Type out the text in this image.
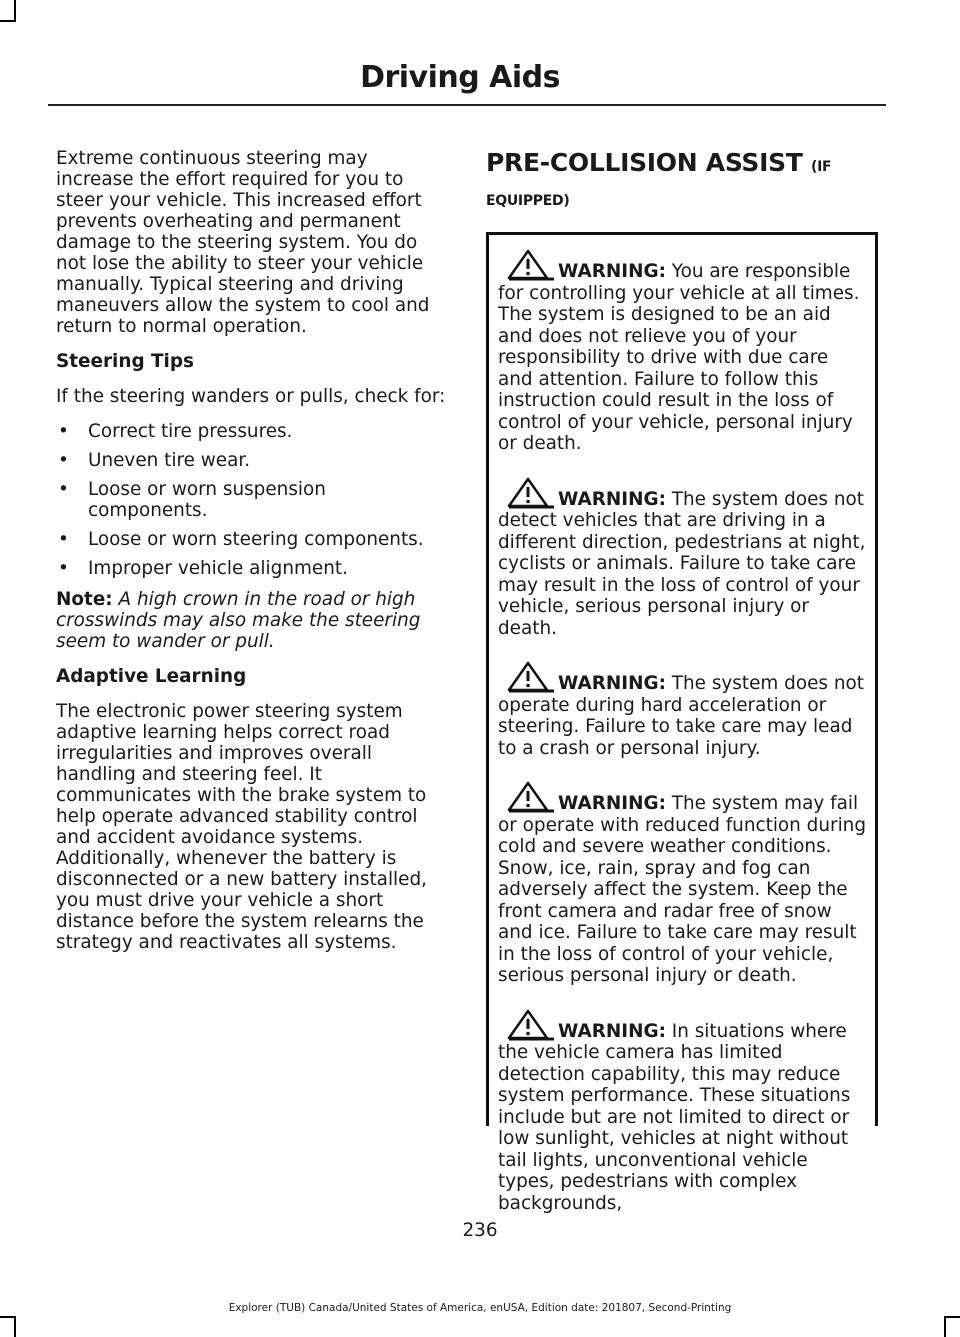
Driving Aids

Extreme continuous steering may increase the effort required for you to steer your vehicle. This increased effort prevents overheating and permanent damage to the steering system. You do not lose the ability to steer your vehicle manually. Typical steering and driving maneuvers allow the system to cool and return to normal operation.

Steering Tips

If the steering wanders or pulls, check for:

• Correct tire pressures.
• Uneven tire wear.
• Loose or worn suspension components.
• Loose or worn steering components.
• Improper vehicle alignment.

Note: A high crown in the road or high crosswinds may also make the steering seem to wander or pull.

Adaptive Learning

The electronic power steering system adaptive learning helps correct road irregularities and improves overall handling and steering feel. It communicates with the brake system to help operate advanced stability control and accident avoidance systems. Additionally, whenever the battery is disconnected or a new battery installed, you must drive your vehicle a short distance before the system relearns the strategy and reactivates all systems.

PRE-COLLISION ASSIST (IF EQUIPPED)

WARNING: You are responsible for controlling your vehicle at all times. The system is designed to be an aid and does not relieve you of your responsibility to drive with due care and attention. Failure to follow this instruction could result in the loss of control of your vehicle, personal injury or death.

WARNING: The system does not detect vehicles that are driving in a different direction, pedestrians at night, cyclists or animals. Failure to take care may result in the loss of control of your vehicle, serious personal injury or death.

WARNING: The system does not operate during hard acceleration or steering. Failure to take care may lead to a crash or personal injury.

WARNING: The system may fail or operate with reduced function during cold and severe weather conditions. Snow, ice, rain, spray and fog can adversely affect the system. Keep the front camera and radar free of snow and ice. Failure to take care may result in the loss of control of your vehicle, serious personal injury or death.

WARNING: In situations where the vehicle camera has limited detection capability, this may reduce system performance. These situations include but are not limited to direct or low sunlight, vehicles at night without tail lights, unconventional vehicle types, pedestrians with complex backgrounds,

236
Explorer (TUB) Canada/United States of America, enUSA, Edition date: 201807, Second-Printing
